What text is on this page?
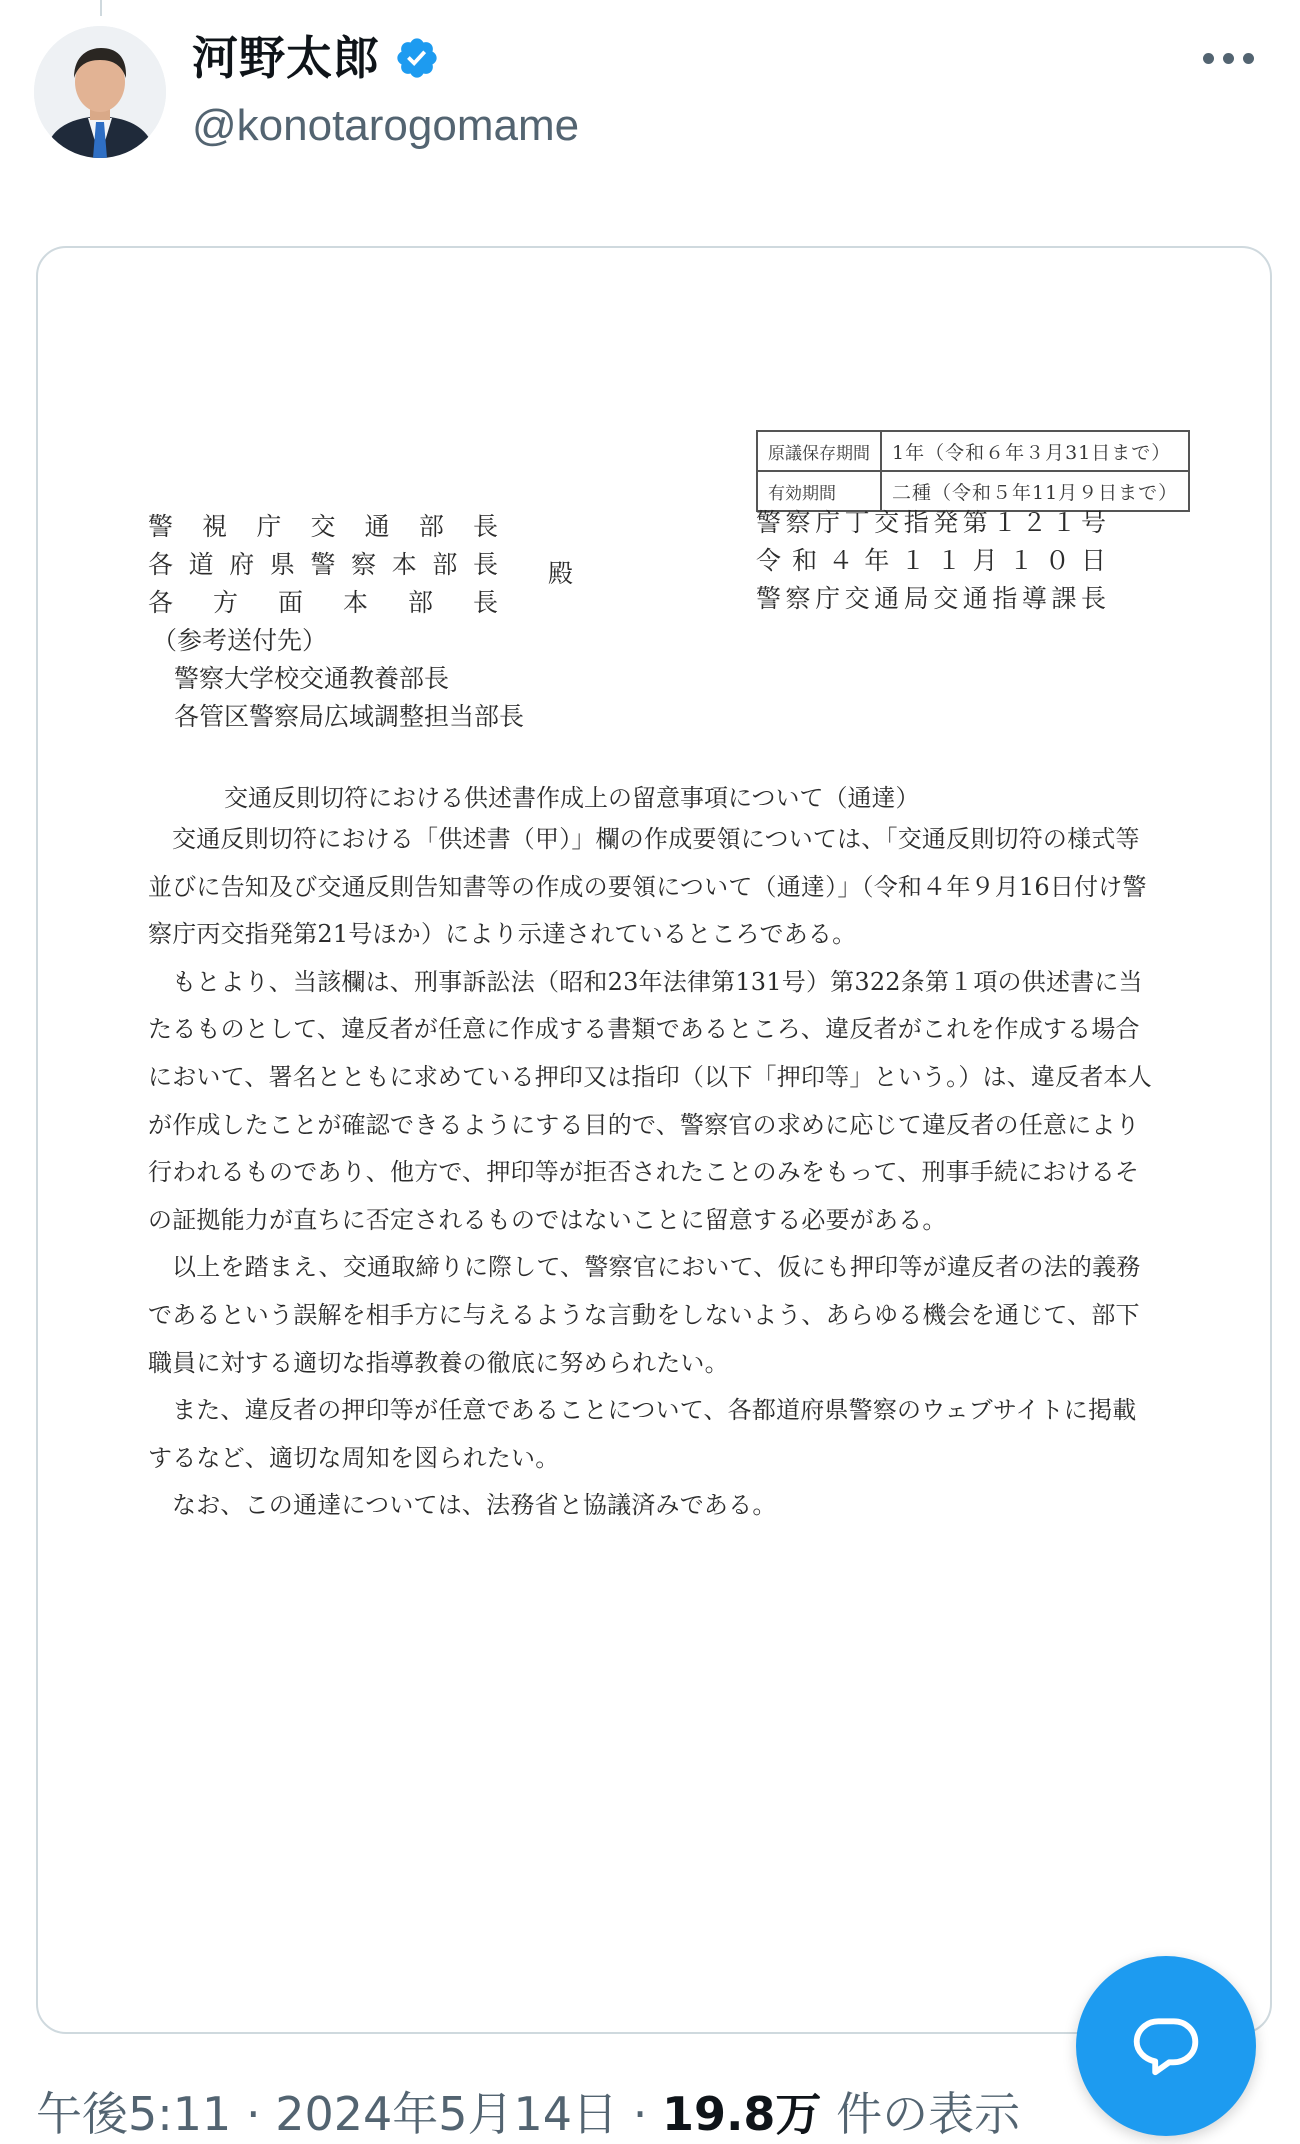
河野太郎
@konotarogomame
原議保存期間	1年（令和６年３月31日まで）
有効期間	二種（令和５年11月９日まで）
警視庁交通部長
各道府県警察本部長
各方面本部長
（参考送付先）
警察大学校交通教養部長
各管区警察局広域調整担当部長
殿
警察庁丁交指発第１２１号
令和４年１１月１０日
警察庁交通局交通指導課長
交通反則切符における供述書作成上の留意事項について（通達）

交通反則切符における「供述書（甲）」欄の作成要領については、「交通反則切符の様式等並びに告知及び交通反則告知書等の作成の要領について（通達）」（令和４年９月16日付け警察庁丙交指発第21号ほか）により示達されているところである。

もとより、当該欄は、刑事訴訟法（昭和23年法律第131号）第322条第１項の供述書に当たるものとして、違反者が任意に作成する書類であるところ、違反者がこれを作成する場合において、署名とともに求めている押印又は指印（以下「押印等」という。）は、違反者本人が作成したことが確認できるようにする目的で、警察官の求めに応じて違反者の任意により行われるものであり、他方で、押印等が拒否されたことのみをもって、刑事手続におけるその証拠能力が直ちに否定されるものではないことに留意する必要がある。

以上を踏まえ、交通取締りに際して、警察官において、仮にも押印等が違反者の法的義務であるという誤解を相手方に与えるような言動をしないよう、あらゆる機会を通じて、部下職員に対する適切な指導教養の徹底に努められたい。

また、違反者の押印等が任意であることについて、各都道府県警察のウェブサイトに掲載するなど、適切な周知を図られたい。

なお、この通達については、法務省と協議済みである。

午後5:11 · 2024年5月14日 · 19.8万 件の表示
